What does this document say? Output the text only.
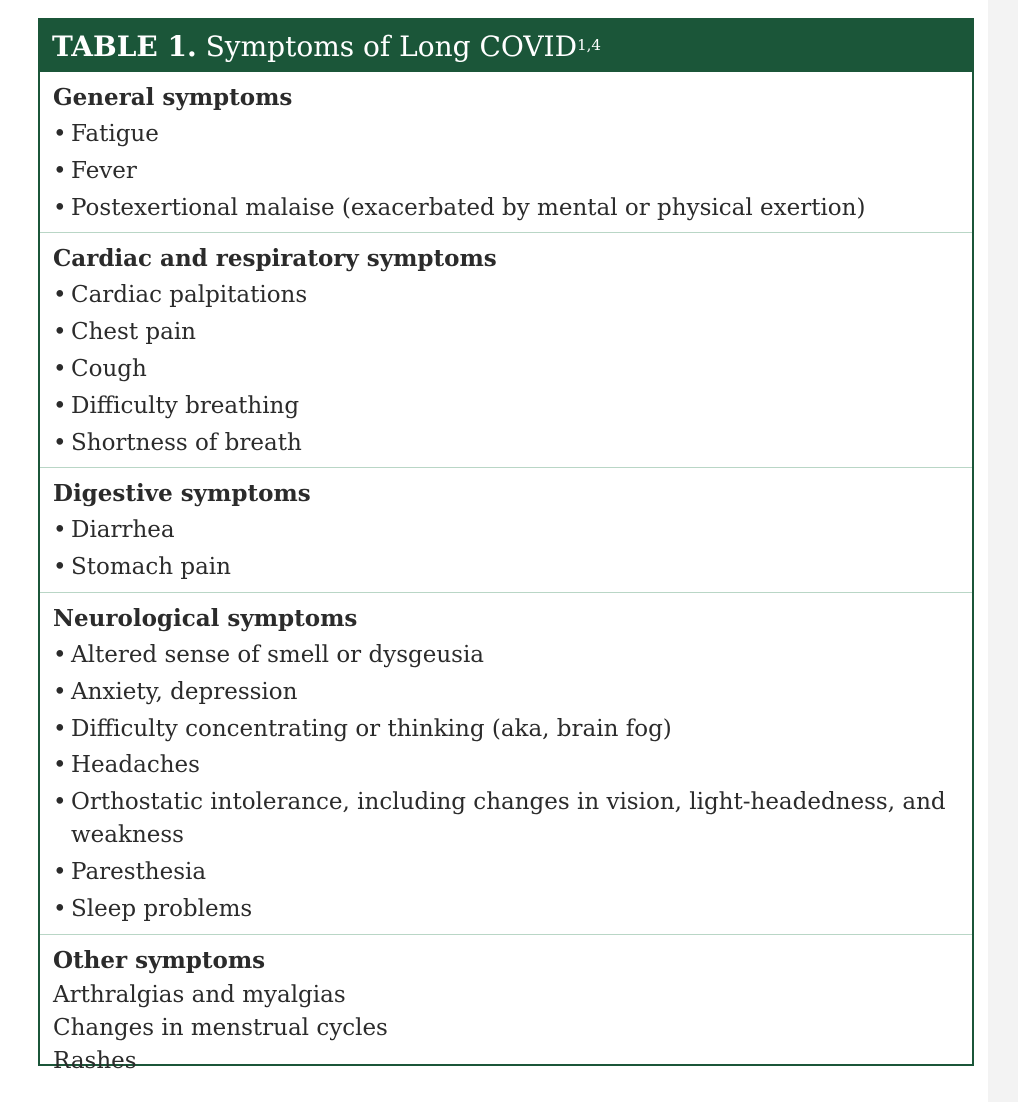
TABLE 1. Symptoms of Long COVID$^{1,4}$
General symptoms
• Fatigue
• Fever
• Postexertional malaise (exacerbated by mental or physical exertion)
Cardiac and respiratory symptoms
• Cardiac palpitations
• Chest pain
• Cough
• Difficulty breathing
• Shortness of breath
Digestive symptoms
• Diarrhea
• Stomach pain
Neurological symptoms
• Altered sense of smell or dysgeusia
• Anxiety, depression
• Difficulty concentrating or thinking (aka, brain fog)
• Headaches
• Orthostatic intolerance, including changes in vision, light-headedness, and weakness
• Paresthesia
• Sleep problems
Other symptoms
Arthralgias and myalgias
Changes in menstrual cycles
Rashes
